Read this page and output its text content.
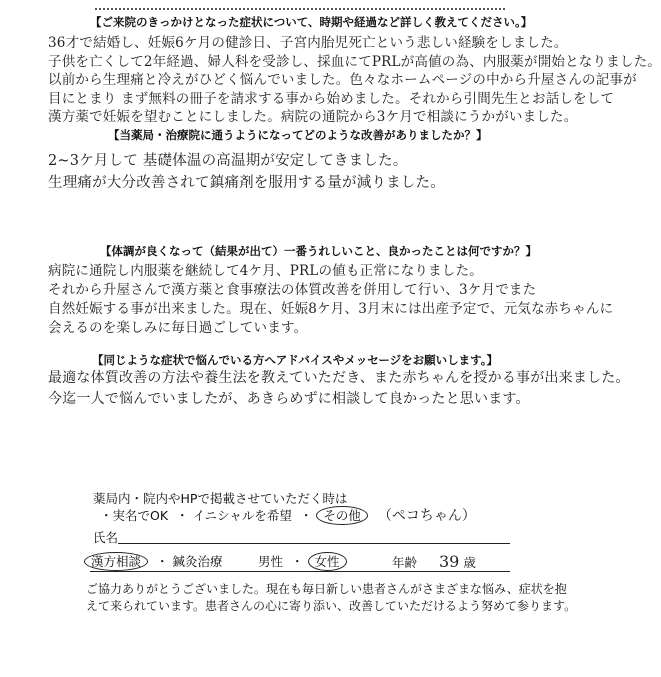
【ご来院のきっかけとなった症状について、時期や経過など詳しく教えてください。】
36才で結婚し、妊娠6ケ月の健診日、子宮内胎児死亡という悲しい経験をしました。
子供を亡くして2年経過、婦人科を受診し、採血にてPRLが高値の為、内服薬が開始となりました。
以前から生理痛と冷えがひどく悩んでいました。色々なホームページの中から升屋さんの記事が
目にとまり まず無料の冊子を請求する事から始めました。それから引間先生とお話しをして
漢方薬で妊娠を望むことにしました。病院の通院から3ケ月で相談にうかがいました。
【当薬局・治療院に通うようになってどのような改善がありましたか？】
2~3ケ月して 基礎体温の高温期が安定してきました。
生理痛が大分改善されて鎮痛剤を服用する量が減りました。
【体調が良くなって（結果が出て）一番うれしいこと、良かったことは何ですか？】
病院に通院し内服薬を継続して4ケ月、PRLの値も正常になりました。
それから升屋さんで漢方薬と食事療法の体質改善を併用して行い、3ケ月でまた
自然妊娠する事が出来ました。現在、妊娠8ケ月、3月末には出産予定で、元気な赤ちゃんに
会えるのを楽しみに毎日過ごしています。
【同じような症状で悩んでいる方へアドバイスやメッセージをお願いします。】
最適な体質改善の方法や養生法を教えていただき、また赤ちゃんを授かる事が出来ました。
今迄一人で悩んでいましたが、あきらめずに相談して良かったと思います。
薬局内・院内やHPで掲載させていただく時は
・実名でOK ・ イニシャルを希望 ・ その他 （ペコちゃん）
氏名
漢方相談 ・ 鍼灸治療	男性 ・ 女性	年齢 39 歳
ご協力ありがとうございました。現在も毎日新しい患者さんがさまざまな悩み、症状を抱
えて来られています。患者さんの心に寄り添い、改善していただけるよう努めて参ります。
